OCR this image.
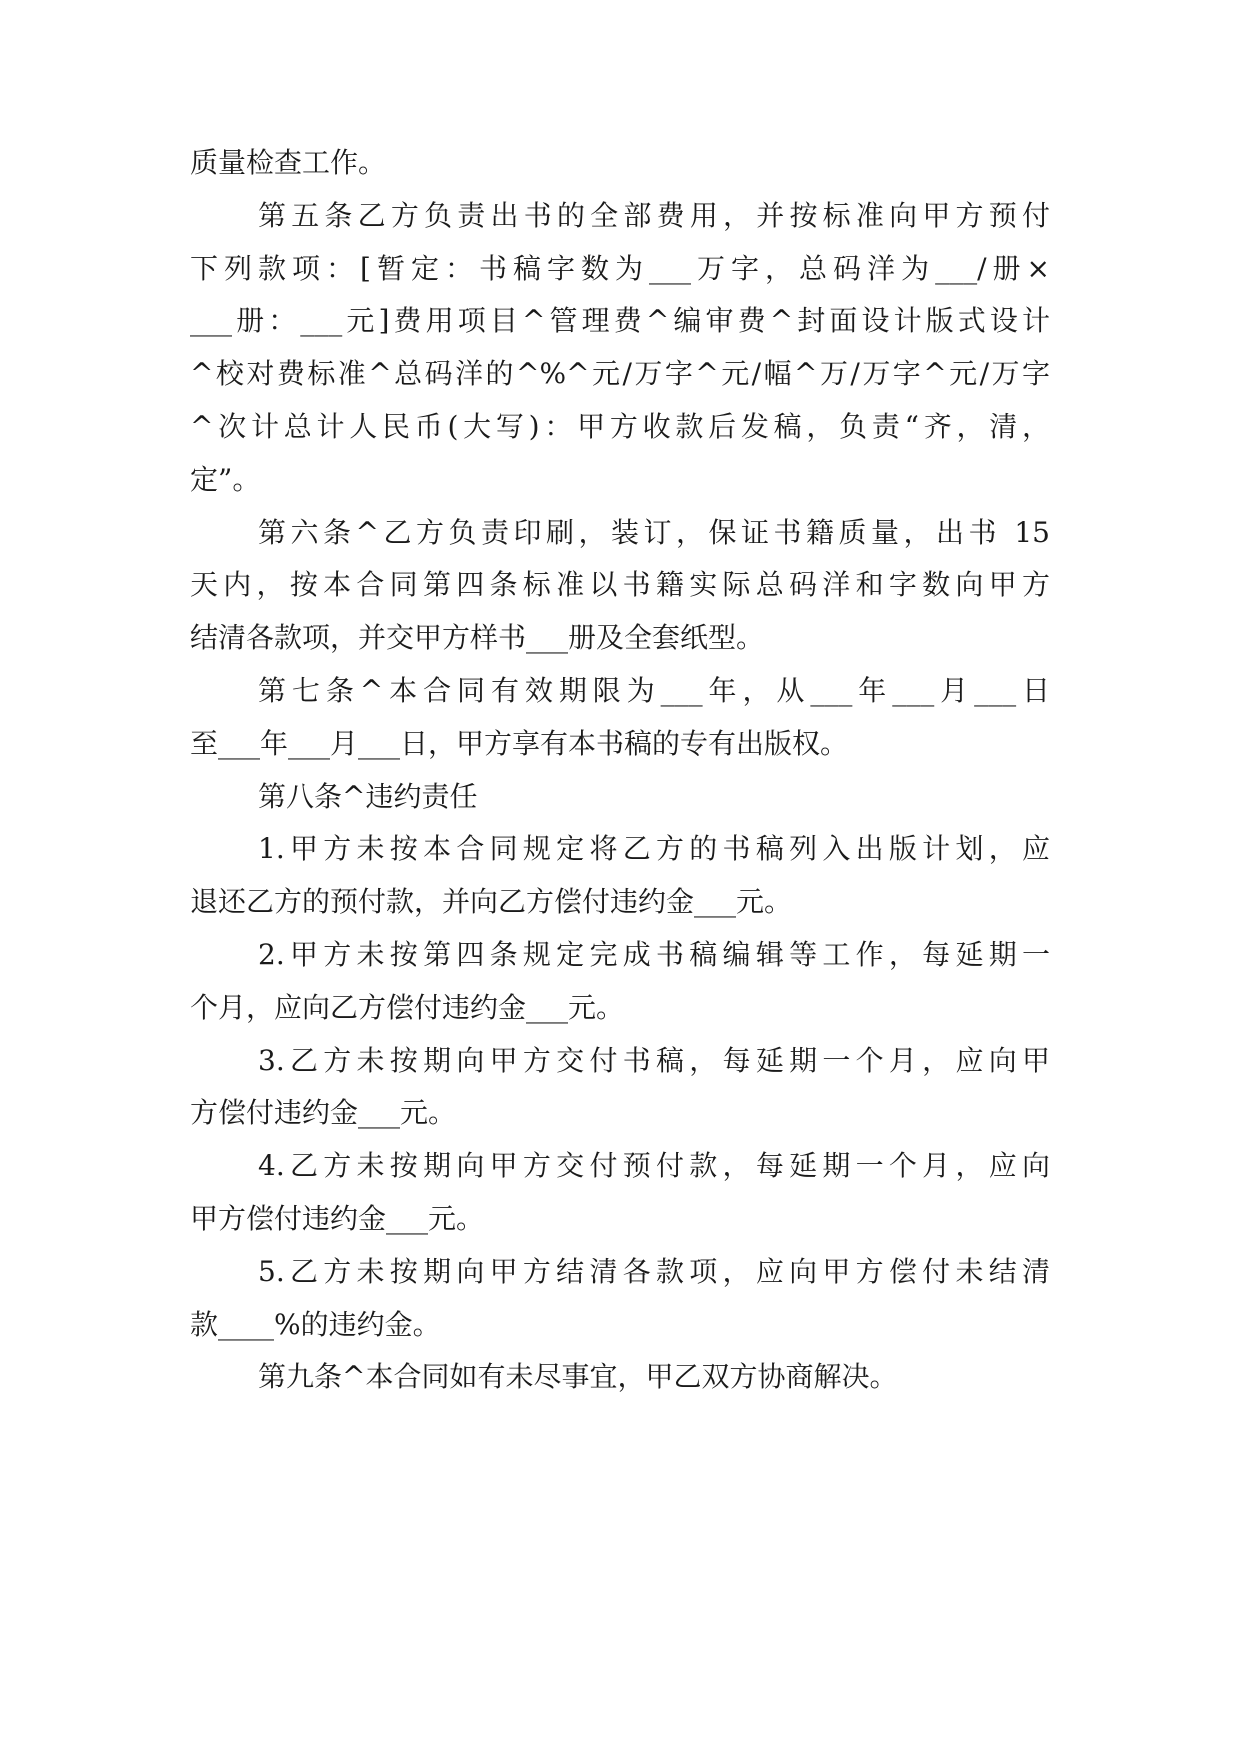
质量检查工作。
第五条乙方负责出书的全部费用，并按标准向甲方预付
下列款项：[暂定：书稿字数为___万字，总码洋为___/册×
___册：___元]费用项目^管理费^编审费^封面设计版式设计
^校对费标准^总码洋的^%^元/万字^元/幅^万/万字^元/万字
^次计总计人民币(大写)：甲方收款后发稿，负责“齐，清，
定”。
第六条^乙方负责印刷，装订，保证书籍质量，出书 15
天内，按本合同第四条标准以书籍实际总码洋和字数向甲方
结清各款项，并交甲方样书___册及全套纸型。
第七条^本合同有效期限为___年，从___年___月___日
至___年___月___日，甲方享有本书稿的专有出版权。
第八条^违约责任
1.甲方未按本合同规定将乙方的书稿列入出版计划，应
退还乙方的预付款，并向乙方偿付违约金___元。
2.甲方未按第四条规定完成书稿编辑等工作，每延期一
个月，应向乙方偿付违约金___元。
3.乙方未按期向甲方交付书稿，每延期一个月，应向甲
方偿付违约金___元。
4.乙方未按期向甲方交付预付款，每延期一个月，应向
甲方偿付违约金___元。
5.乙方未按期向甲方结清各款项，应向甲方偿付未结清
款____%的违约金。
第九条^本合同如有未尽事宜，甲乙双方协商解决。
